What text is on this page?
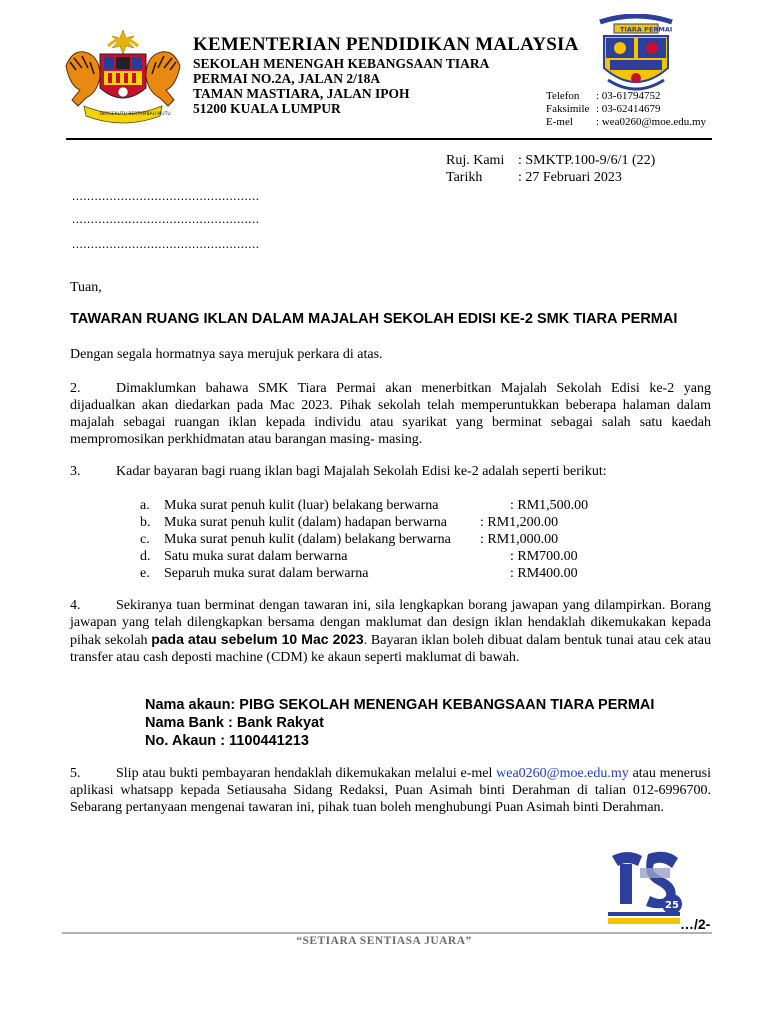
BERSEKUTU BERTAMBAH MUTU
KEMENTERIAN PENDIDIKAN MALAYSIA
SEKOLAH MENENGAH KEBANGSAAN TIARA
PERMAI NO.2A, JALAN 2/18A
TAMAN MASTIARA, JALAN IPOH
51200 KUALA LUMPUR
TIARA PERMAI
Telefon : 03-61794752
Faksimile : 03-62414679
E-mel : wea0260@moe.edu.my
Ruj. Kami : SMKTP.100-9/6/1 (22)
Tarikh	: 27 Februari 2023
..................................................
..................................................
..................................................
Tuan,
TAWARAN RUANG IKLAN DALAM MAJALAH SEKOLAH EDISI KE-2 SMK TIARA PERMAI
Dengan segala hormatnya saya merujuk perkara di atas.
2.	Dimaklumkan bahawa SMK Tiara Permai akan menerbitkan Majalah Sekolah Edisi ke-2 yang dijadualkan akan diedarkan pada Mac 2023. Pihak sekolah telah memperuntukkan beberapa halaman dalam majalah sebagai ruangan iklan kepada individu atau syarikat yang berminat sebagai salah satu kaedah mempromosikan perkhidmatan atau barangan masing- masing.
3.	Kadar bayaran bagi ruang iklan bagi Majalah Sekolah Edisi ke-2 adalah seperti berikut:
a. Muka surat penuh kulit (luar) belakang berwarna	: RM1,500.00
b. Muka surat penuh kulit (dalam) hadapan berwarna : RM1,200.00
c. Muka surat penuh kulit (dalam) belakang berwarna : RM1,000.00
d. Satu muka surat dalam berwarna	: RM700.00
e. Separuh muka surat dalam berwarna	: RM400.00
4.	Sekiranya tuan berminat dengan tawaran ini, sila lengkapkan borang jawapan yang dilampirkan. Borang jawapan yang telah dilengkapkan bersama dengan maklumat dan design iklan hendaklah dikemukakan kepada pihak sekolah pada atau sebelum 10 Mac 2023. Bayaran iklan boleh dibuat dalam bentuk tunai atau cek atau transfer atau cash deposti machine (CDM) ke akaun seperti maklumat di bawah.
Nama akaun: PIBG SEKOLAH MENENGAH KEBANGSAAN TIARA PERMAI
Nama Bank : Bank Rakyat
No. Akaun : 1100441213
5.	Slip atau bukti pembayaran hendaklah dikemukakan melalui e-mel wea0260@moe.edu.my atau menerusi aplikasi whatsapp kepada Setiausaha Sidang Redaksi, Puan Asimah binti Derahman di talian 012-6996700. Sebarang pertanyaan mengenai tawaran ini, pihak tuan boleh menghubungi Puan Asimah binti Derahman.
25
…/2-
“SETIARA SENTIASA JUARA”
